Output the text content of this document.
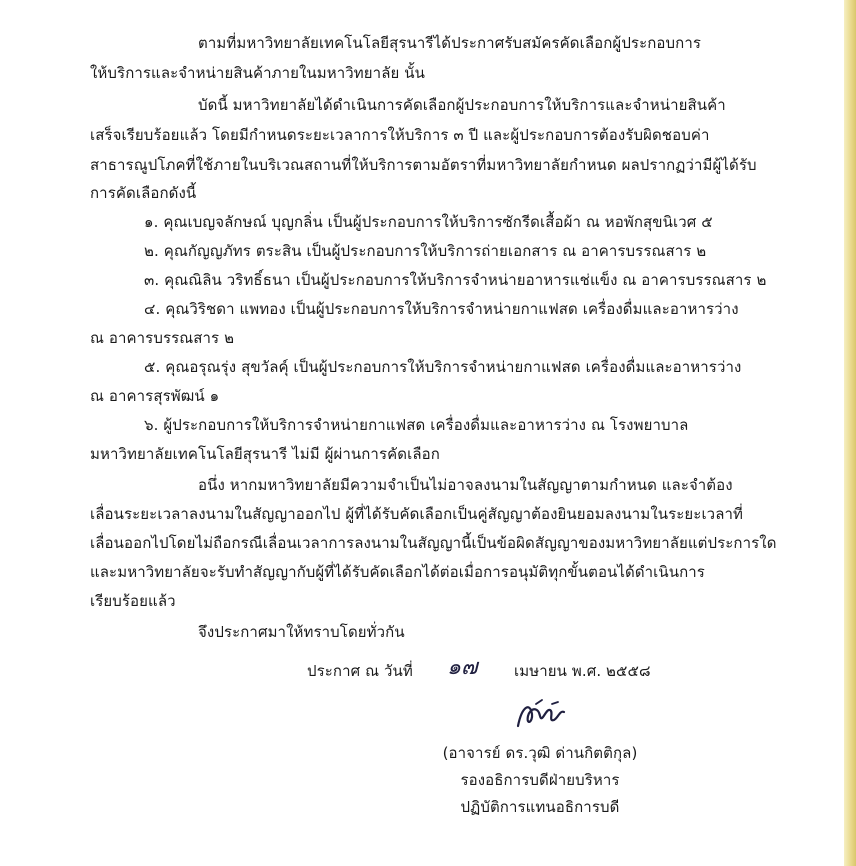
ตามที่มหาวิทยาลัยเทคโนโลยีสุรนารีได้ประกาศรับสมัครคัดเลือกผู้ประกอบการ
ให้บริการและจำหน่ายสินค้าภายในมหาวิทยาลัย นั้น
บัดนี้ มหาวิทยาลัยได้ดำเนินการคัดเลือกผู้ประกอบการให้บริการและจำหน่ายสินค้า
เสร็จเรียบร้อยแล้ว โดยมีกำหนดระยะเวลาการให้บริการ ๓ ปี และผู้ประกอบการต้องรับผิดชอบค่า
สาธารณูปโภคที่ใช้ภายในบริเวณสถานที่ให้บริการตามอัตราที่มหาวิทยาลัยกำหนด ผลปรากฏว่ามีผู้ได้รับ
การคัดเลือกดังนี้
๑. คุณเบญจลักษณ์ บุญกลิ่น เป็นผู้ประกอบการให้บริการซักรีดเสื้อผ้า ณ หอพักสุขนิเวศ ๕
๒. คุณกัญญภัทร ตระสิน เป็นผู้ประกอบการให้บริการถ่ายเอกสาร ณ อาคารบรรณสาร ๒
๓. คุณณิลิน วริทธิ์ธนา เป็นผู้ประกอบการให้บริการจำหน่ายอาหารแช่แข็ง ณ อาคารบรรณสาร ๒
๔. คุณวิริชดา แพทอง เป็นผู้ประกอบการให้บริการจำหน่ายกาแฟสด เครื่องดื่มและอาหารว่าง
ณ อาคารบรรณสาร ๒
๕. คุณอรุณรุ่ง สุขวัลคุ์ เป็นผู้ประกอบการให้บริการจำหน่ายกาแฟสด เครื่องดื่มและอาหารว่าง
ณ อาคารสุรพัฒน์ ๑
๖. ผู้ประกอบการให้บริการจำหน่ายกาแฟสด เครื่องดื่มและอาหารว่าง ณ โรงพยาบาล
มหาวิทยาลัยเทคโนโลยีสุรนารี ไม่มี ผู้ผ่านการคัดเลือก
อนึ่ง หากมหาวิทยาลัยมีความจำเป็นไม่อาจลงนามในสัญญาตามกำหนด และจำต้อง
เลื่อนระยะเวลาลงนามในสัญญาออกไป ผู้ที่ได้รับคัดเลือกเป็นคู่สัญญาต้องยินยอมลงนามในระยะเวลาที่
เลื่อนออกไปโดยไม่ถือกรณีเลื่อนเวลาการลงนามในสัญญานี้เป็นข้อผิดสัญญาของมหาวิทยาลัยแต่ประการใด
และมหาวิทยาลัยจะรับทำสัญญากับผู้ที่ได้รับคัดเลือกได้ต่อเมื่อการอนุมัติทุกขั้นตอนได้ดำเนินการ
เรียบร้อยแล้ว
จึงประกาศมาให้ทราบโดยทั่วกัน
ประกาศ ณ วันที่ ๑๗ เมษายน พ.ศ. ๒๕๕๘
(อาจารย์ ดร.วุฒิ ด่านกิตติกุล)
รองอธิการบดีฝ่ายบริหาร
ปฏิบัติการแทนอธิการบดี
